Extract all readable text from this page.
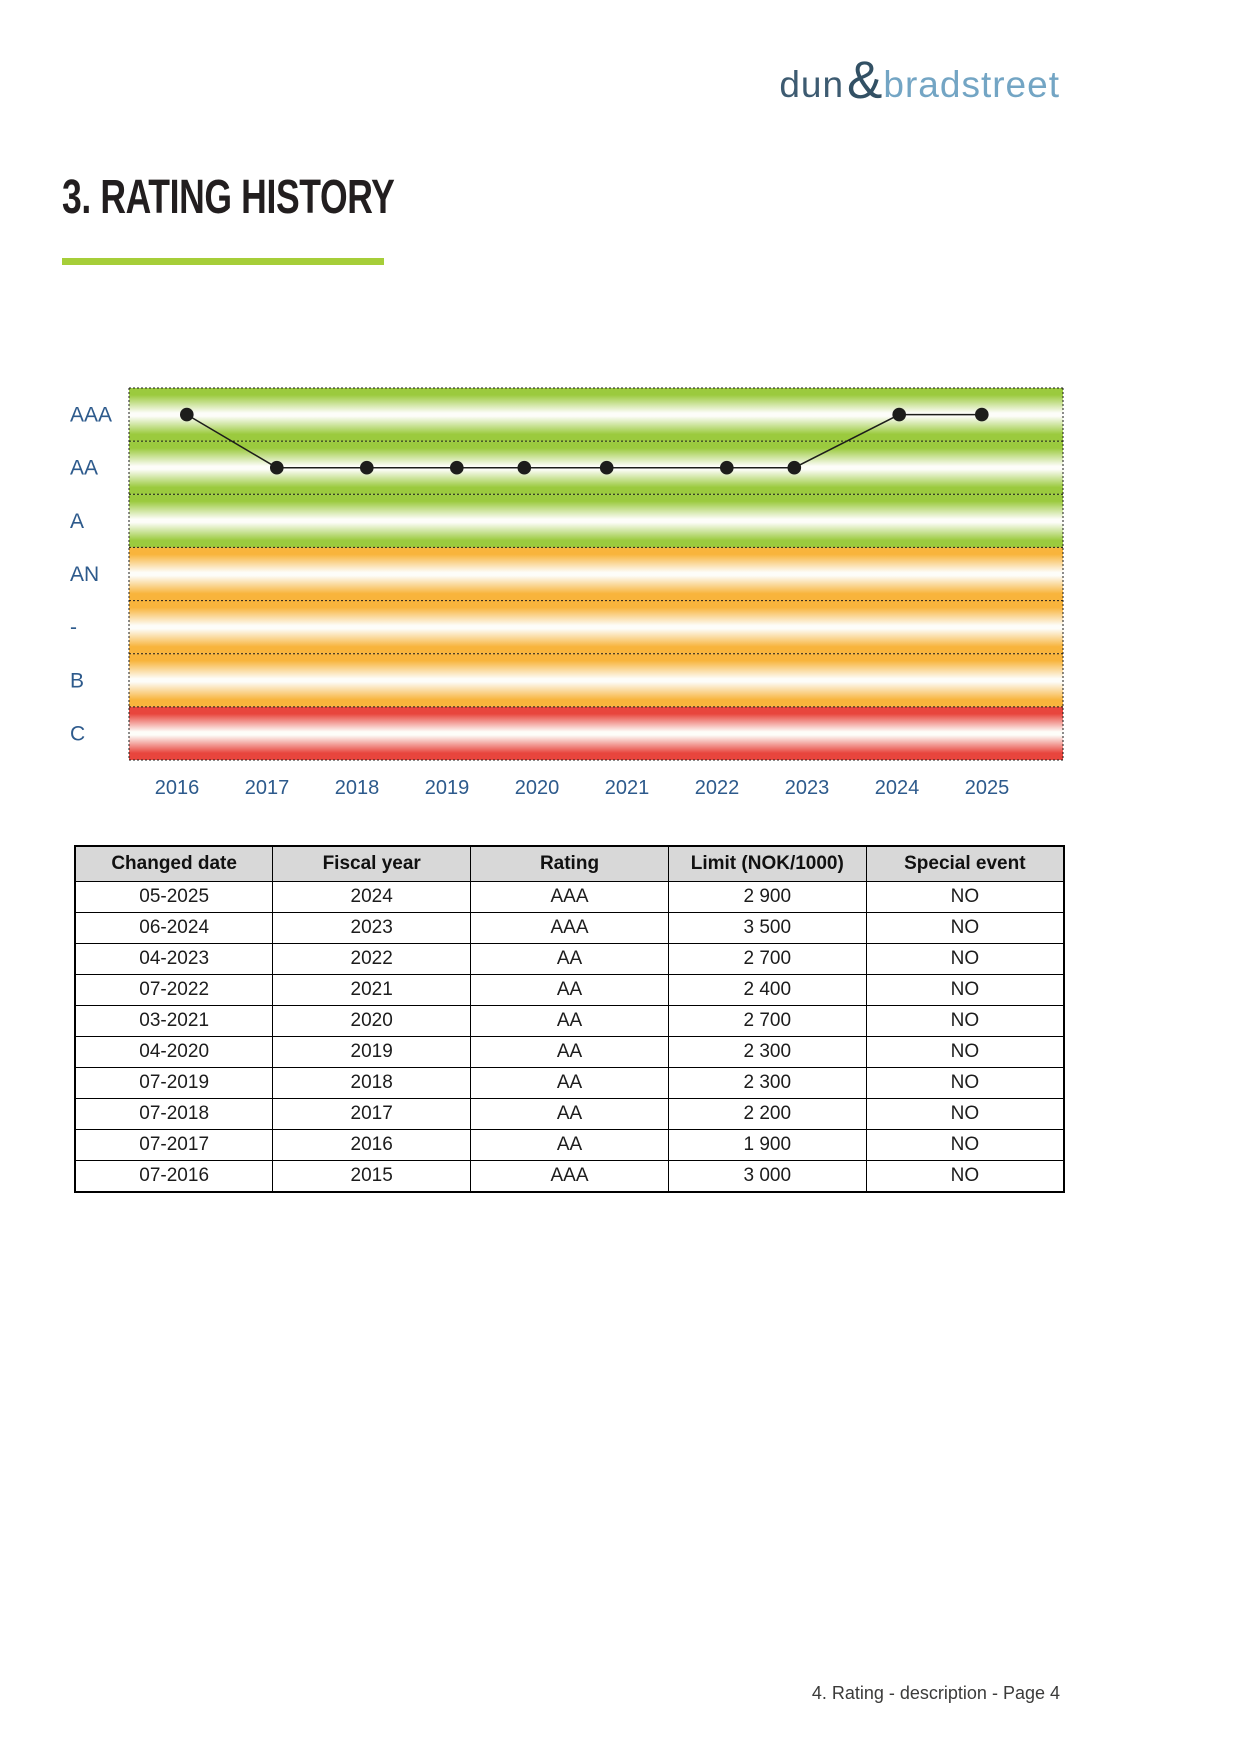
dun & bradstreet
3. RATING HISTORY
AAA
AA
A
AN
-
B
C
2016 2017 2018 2019 2020 2021 2022 2023 2024 2025
Changed date	Fiscal year	Rating	Limit (NOK/1000)	Special event
05-2025	2024	AAA	2 900	NO
06-2024	2023	AAA	3 500	NO
04-2023	2022	AA	2 700	NO
07-2022	2021	AA	2 400	NO
03-2021	2020	AA	2 700	NO
04-2020	2019	AA	2 300	NO
07-2019	2018	AA	2 300	NO
07-2018	2017	AA	2 200	NO
07-2017	2016	AA	1 900	NO
07-2016	2015	AAA	3 000	NO
4. Rating - description - Page 4
